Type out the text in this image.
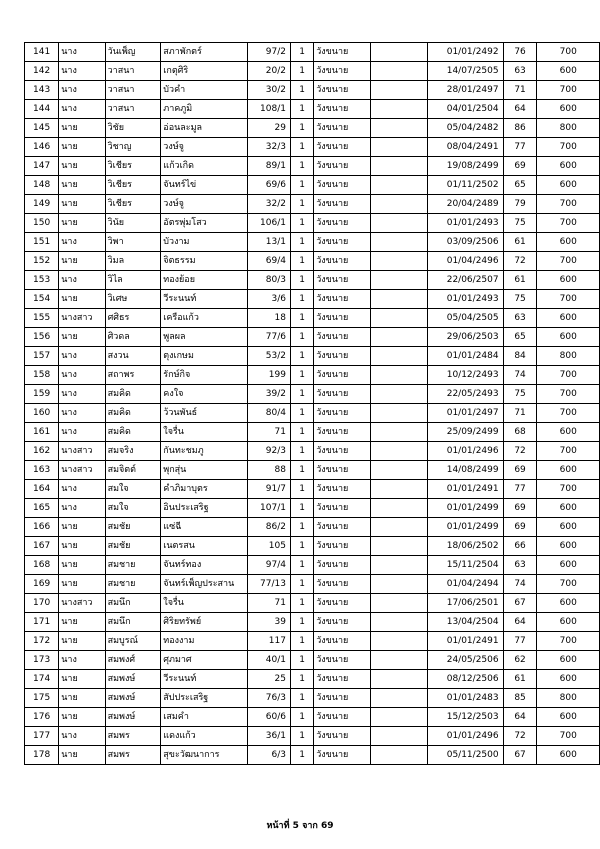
141	นาง	วันเพ็ญ	สภาพักตร์	97/2	1	วังขนาย		01/01/2492	76	700
142	นาง	วาสนา	เกตุศิริ	20/2	1	วังขนาย		14/07/2505	63	600
143	นาง	วาสนา	บัวคำ	30/2	1	วังขนาย		28/01/2497	71	700
144	นาง	วาสนา	ภาคภูมิ	108/1	1	วังขนาย		04/01/2504	64	600
145	นาย	วิชัย	อ่อนละมูล	29	1	วังขนาย		05/04/2482	86	800
146	นาย	วิชาญ	วงษ์จู	32/3	1	วังขนาย		08/04/2491	77	700
147	นาย	วิเชียร	แก้วเกิด	89/1	1	วังขนาย		19/08/2499	69	600
148	นาย	วิเชียร	จันทร์ไข่	69/6	1	วังขนาย		01/11/2502	65	600
149	นาย	วิเชียร	วงษ์จู	32/2	1	วังขนาย		20/04/2489	79	700
150	นาย	วินัย	อัตรพุ่มโสว	106/1	1	วังขนาย		01/01/2493	75	700
151	นาง	วิพา	บัวงาม	13/1	1	วังขนาย		03/09/2506	61	600
152	นาย	วิมล	จิตธรรม	69/4	1	วังขนาย		01/04/2496	72	700
153	นาง	วิไล	ทองย้อย	80/3	1	วังขนาย		22/06/2507	61	600
154	นาย	วิเศษ	วีระนนท์	3/6	1	วังขนาย		01/01/2493	75	700
155	นางสาว	ศศิธร	เครือแก้ว	18	1	วังขนาย		05/04/2505	63	600
156	นาย	ศิวดล	พูลผล	77/6	1	วังขนาย		29/06/2503	65	600
157	นาง	สงวน	ตุงเกษม	53/2	1	วังขนาย		01/01/2484	84	800
158	นาง	สถาพร	รักษ์กิจ	199	1	วังขนาย		10/12/2493	74	700
159	นาง	สมคิด	คงใจ	39/2	1	วังขนาย		22/05/2493	75	700
160	นาง	สมคิด	ว้วนพันธ์	80/4	1	วังขนาย		01/01/2497	71	700
161	นาง	สมคิด	ใจรื่น	71	1	วังขนาย		25/09/2499	68	600
162	นางสาว	สมจริง	กันทะชมภู	92/3	1	วังขนาย		01/01/2496	72	700
163	นางสาว	สมจิตต์	พุกสุ่น	88	1	วังขนาย		14/08/2499	69	600
164	นาง	สมใจ	คำภิมาบุตร	91/7	1	วังขนาย		01/01/2491	77	700
165	นาง	สมใจ	อินประเสริฐ	107/1	1	วังขนาย		01/01/2499	69	600
166	นาย	สมชัย	แซ่ฉี	86/2	1	วังขนาย		01/01/2499	69	600
167	นาย	สมชัย	เนตรสน	105	1	วังขนาย		18/06/2502	66	600
168	นาย	สมชาย	จันทร์ทอง	97/4	1	วังขนาย		15/11/2504	63	600
169	นาย	สมชาย	จันทร์เพ็ญประสาน	77/13	1	วังขนาย		01/04/2494	74	700
170	นางสาว	สมนึก	ใจรื่น	71	1	วังขนาย		17/06/2501	67	600
171	นาย	สมนึก	ศิริยทรัพย์	39	1	วังขนาย		13/04/2504	64	600
172	นาย	สมบูรณ์	ทองงาม	117	1	วังขนาย		01/01/2491	77	700
173	นาง	สมพงศ์	ศุภมาศ	40/1	1	วังขนาย		24/05/2506	62	600
174	นาย	สมพงษ์	วีระนนท์	25	1	วังขนาย		08/12/2506	61	600
175	นาย	สมพงษ์	สัปประเสริฐ	76/3	1	วังขนาย		01/01/2483	85	800
176	นาย	สมพงษ์	เสมคำ	60/6	1	วังขนาย		15/12/2503	64	600
177	นาง	สมพร	แดงแก้ว	36/1	1	วังขนาย		01/01/2496	72	700
178	นาย	สมพร	สุขะวัฒนาการ	6/3	1	วังขนาย		05/11/2500	67	600
หน้าที่ 5 จาก 69
